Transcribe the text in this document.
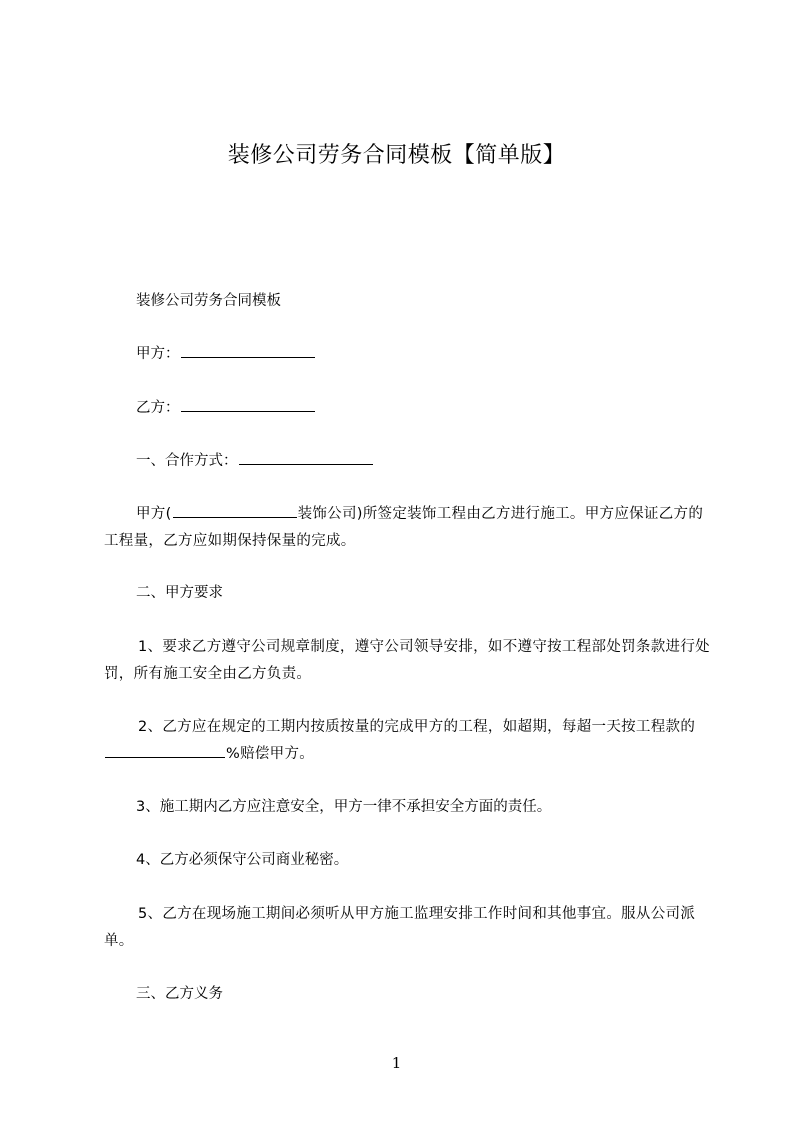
装修公司劳务合同模板【简单版】
装修公司劳务合同模板
甲方：
乙方：
一、合作方式：
甲方(	装饰公司)所签定装饰工程由乙方进行施工。甲方应保证乙方的工程量，乙方应如期保持保量的完成。
二、甲方要求
1、要求乙方遵守公司规章制度，遵守公司领导安排，如不遵守按工程部处罚条款进行处罚，所有施工安全由乙方负责。
2、乙方应在规定的工期内按质按量的完成甲方的工程，如超期，每超一天按工程款的%赔偿甲方。
3、施工期内乙方应注意安全，甲方一律不承担安全方面的责任。
4、乙方必须保守公司商业秘密。
5、乙方在现场施工期间必须听从甲方施工监理安排工作时间和其他事宜。服从公司派单。
三、乙方义务
1
